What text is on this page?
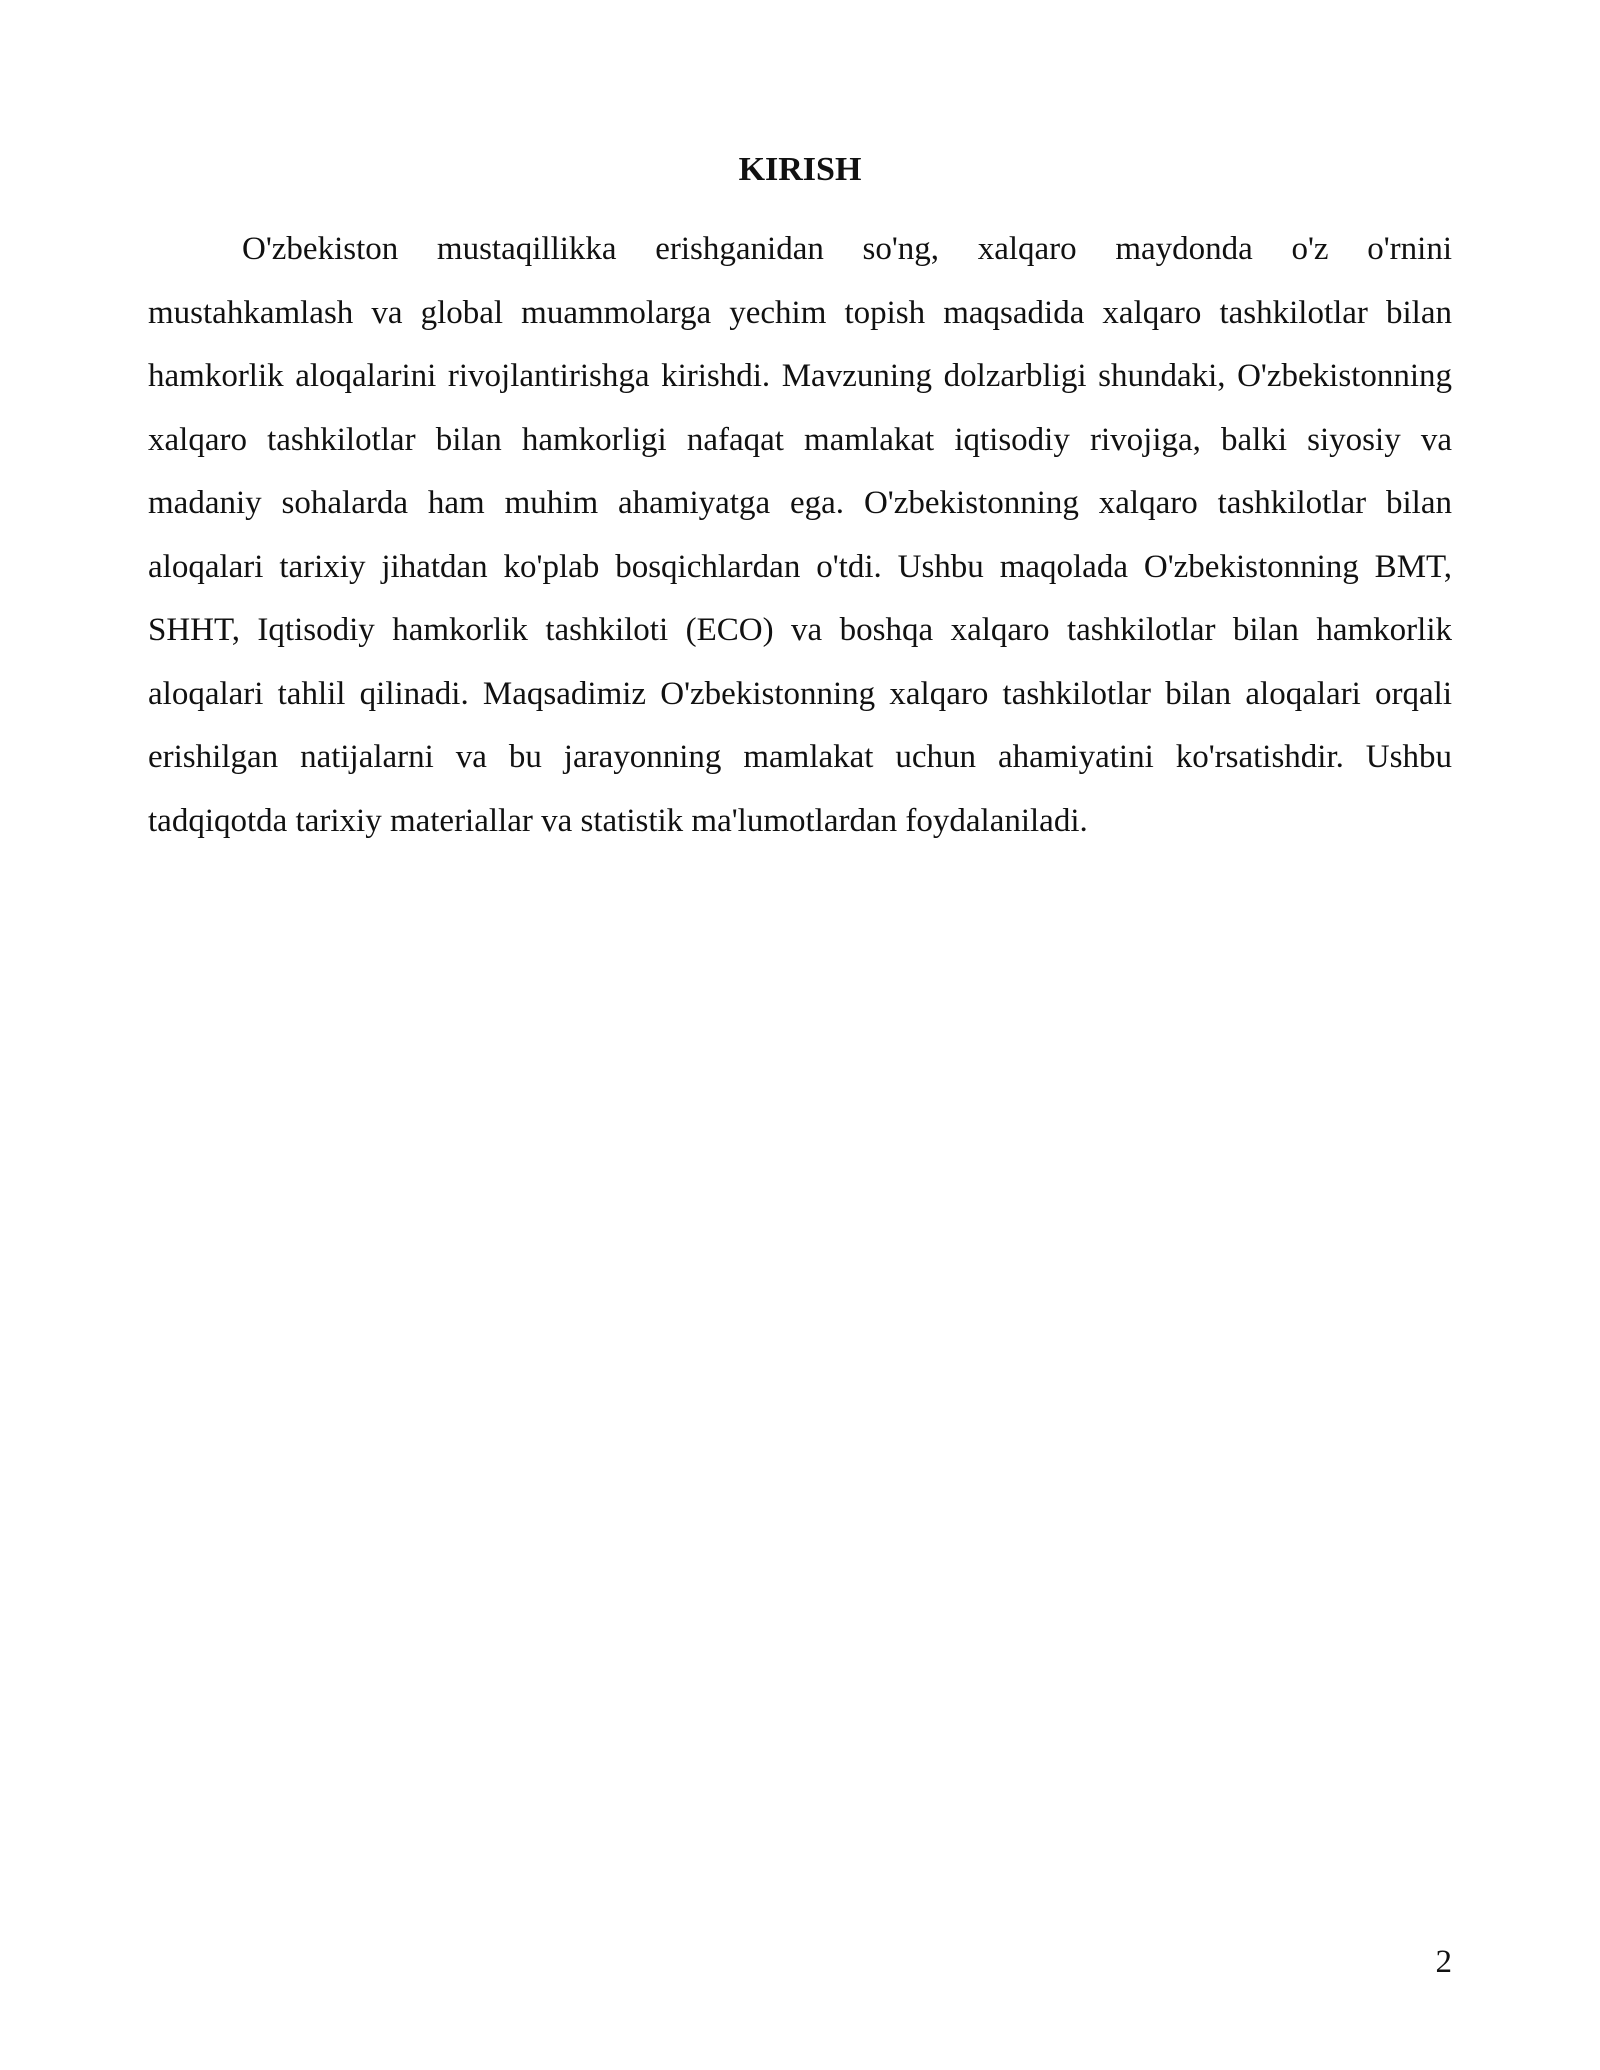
KIRISH

O'zbekiston mustaqillikka erishganidan so'ng, xalqaro maydonda o'z o'rnini mustahkamlash va global muammolarga yechim topish maqsadida xalqaro tashkilotlar bilan hamkorlik aloqalarini rivojlantirishga kirishdi. Mavzuning dolzarbligi shundaki, O'zbekistonning xalqaro tashkilotlar bilan hamkorligi nafaqat mamlakat iqtisodiy rivojiga, balki siyosiy va madaniy sohalarda ham muhim ahamiyatga ega. O'zbekistonning xalqaro tashkilotlar bilan aloqalari tarixiy jihatdan ko'plab bosqichlardan o'tdi. Ushbu maqolada O'zbekistonning BMT, SHHT, Iqtisodiy hamkorlik tashkiloti (ECO) va boshqa xalqaro tashkilotlar bilan hamkorlik aloqalari tahlil qilinadi. Maqsadimiz O'zbekistonning xalqaro tashkilotlar bilan aloqalari orqali erishilgan natijalarni va bu jarayonning mamlakat uchun ahamiyatini ko'rsatishdir. Ushbu tadqiqotda tarixiy materiallar va statistik ma'lumotlardan foydalaniladi.

2
